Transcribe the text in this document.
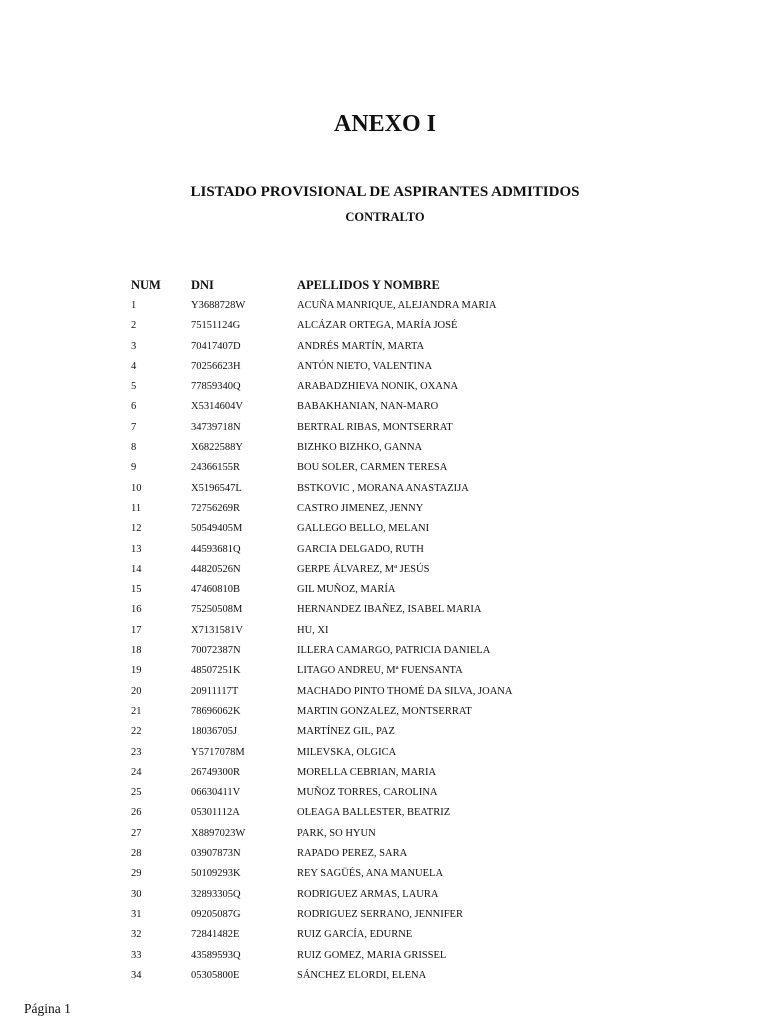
ANEXO I
LISTADO PROVISIONAL DE ASPIRANTES ADMITIDOS
CONTRALTO
NUM DNI	APELLIDOS Y NOMBRE
1	Y3688728W	ACUÑA MANRIQUE, ALEJANDRA MARIA
2	75151124G	ALCÁZAR ORTEGA, MARÍA JOSÉ
3	70417407D	ANDRÉS MARTÍN, MARTA
4	70256623H	ANTÓN NIETO, VALENTINA
5	77859340Q	ARABADZHIEVA NONIK, OXANA
6	X5314604V	BABAKHANIAN, NAN-MARO
7	34739718N	BERTRAL RIBAS, MONTSERRAT
8	X6822588Y	BIZHKO BIZHKO, GANNA
9	24366155R	BOU SOLER, CARMEN TERESA
10	X5196547L	BSTKOVIC , MORANA ANASTAZIJA
11	72756269R	CASTRO JIMENEZ, JENNY
12	50549405M	GALLEGO BELLO, MELANI
13	44593681Q	GARCIA DELGADO, RUTH
14	44820526N	GERPE ÁLVAREZ, Mª JESÚS
15	47460810B	GIL MUÑOZ, MARÍA
16	75250508M	HERNANDEZ IBAÑEZ, ISABEL MARIA
17	X7131581V	HU, XI
18	70072387N	ILLERA CAMARGO, PATRICIA DANIELA
19	48507251K	LITAGO ANDREU, Mª FUENSANTA
20	20911117T	MACHADO PINTO THOMÉ DA SILVA, JOANA
21	78696062K	MARTIN GONZALEZ, MONTSERRAT
22	18036705J	MARTÍNEZ GIL, PAZ
23	Y5717078M	MILEVSKA, OLGICA
24	26749300R	MORELLA CEBRIAN, MARIA
25	06630411V	MUÑOZ TORRES, CAROLINA
26	05301112A	OLEAGA BALLESTER, BEATRIZ
27	X8897023W	PARK, SO HYUN
28	03907873N	RAPADO PEREZ, SARA
29	50109293K	REY SAGÜÉS, ANA MANUELA
30	32893305Q	RODRIGUEZ ARMAS, LAURA
31	09205087G	RODRIGUEZ SERRANO, JENNIFER
32	72841482E	RUIZ GARCÍA, EDURNE
33	43589593Q	RUIZ GOMEZ, MARIA GRISSEL
34	05305800E	SÁNCHEZ ELORDI, ELENA
Página 1
